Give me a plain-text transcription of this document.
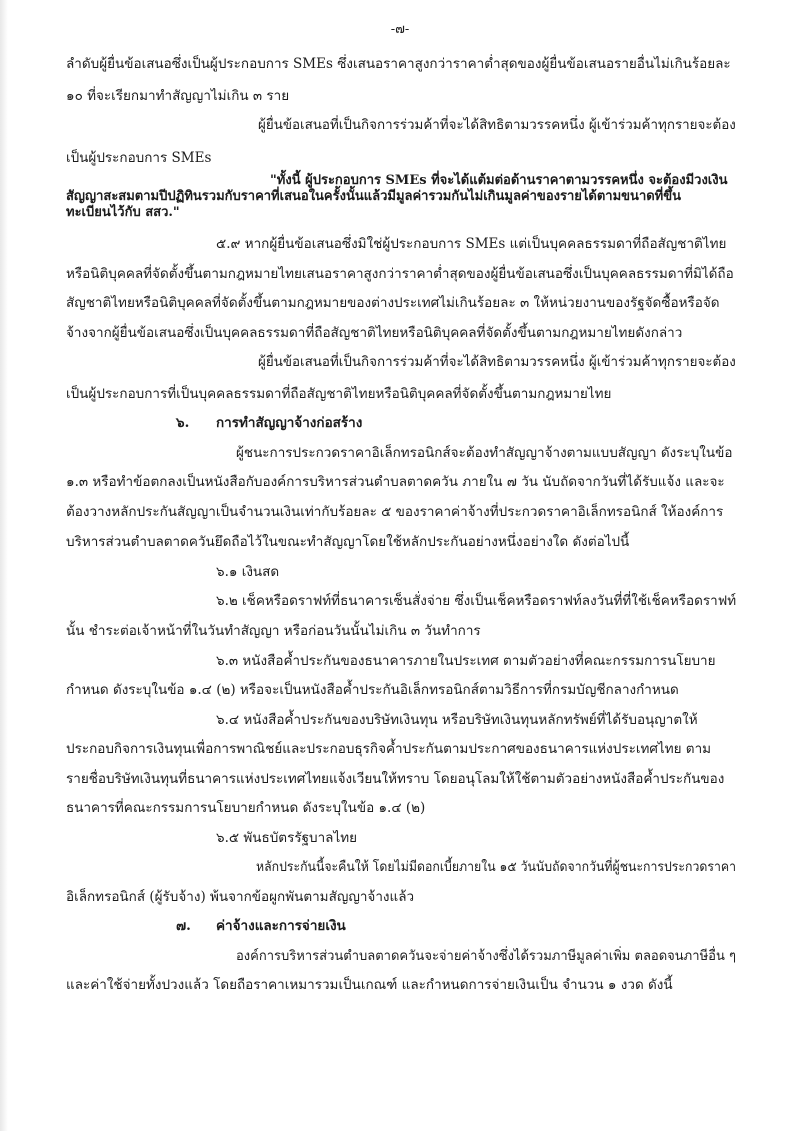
-๗-
ลำดับผู้ยื่นข้อเสนอซึ่งเป็นผู้ประกอบการ SMEs ซึ่งเสนอราคาสูงกว่าราคาต่ำสุดของผู้ยื่นข้อเสนอรายอื่นไม่เกินร้อยละ
๑๐ ที่จะเรียกมาทำสัญญาไม่เกิน ๓ ราย
ผู้ยื่นข้อเสนอที่เป็นกิจการร่วมค้าที่จะได้สิทธิตามวรรคหนึ่ง ผู้เข้าร่วมค้าทุกรายจะต้อง
เป็นผู้ประกอบการ SMEs
"ทั้งนี้ ผู้ประกอบการ SMEs ที่จะได้แต้มต่อด้านราคาตามวรรคหนึ่ง จะต้องมีวงเงิน
สัญญาสะสมตามปีปฏิทินรวมกับราคาที่เสนอในครั้งนั้นแล้วมีมูลค่ารวมกันไม่เกินมูลค่าของรายได้ตามขนาดที่ขึ้น
ทะเบียนไว้กับ สสว."
๕.๙ หากผู้ยื่นข้อเสนอซึ่งมิใช่ผู้ประกอบการ SMEs แต่เป็นบุคคลธรรมดาที่ถือสัญชาติไทย
หรือนิติบุคคลที่จัดตั้งขึ้นตามกฎหมายไทยเสนอราคาสูงกว่าราคาต่ำสุดของผู้ยื่นข้อเสนอซึ่งเป็นบุคคลธรรมดาที่มิได้ถือ
สัญชาติไทยหรือนิติบุคคลที่จัดตั้งขึ้นตามกฎหมายของต่างประเทศไม่เกินร้อยละ ๓ ให้หน่วยงานของรัฐจัดซื้อหรือจัด
จ้างจากผู้ยื่นข้อเสนอซึ่งเป็นบุคคลธรรมดาที่ถือสัญชาติไทยหรือนิติบุคคลที่จัดตั้งขึ้นตามกฎหมายไทยดังกล่าว
ผู้ยื่นข้อเสนอที่เป็นกิจการร่วมค้าที่จะได้สิทธิตามวรรคหนึ่ง ผู้เข้าร่วมค้าทุกรายจะต้อง
เป็นผู้ประกอบการที่เป็นบุคคลธรรมดาที่ถือสัญชาติไทยหรือนิติบุคคลที่จัดตั้งขึ้นตามกฎหมายไทย
๖. การทำสัญญาจ้างก่อสร้าง
ผู้ชนะการประกวดราคาอิเล็กทรอนิกส์จะต้องทำสัญญาจ้างตามแบบสัญญา ดังระบุในข้อ
๑.๓ หรือทำข้อตกลงเป็นหนังสือกับองค์การบริหารส่วนตำบลตาดควัน ภายใน ๗ วัน นับถัดจากวันที่ได้รับแจ้ง และจะ
ต้องวางหลักประกันสัญญาเป็นจำนวนเงินเท่ากับร้อยละ ๕ ของราคาค่าจ้างที่ประกวดราคาอิเล็กทรอนิกส์ ให้องค์การ
บริหารส่วนตำบลตาดควันยึดถือไว้ในขณะทำสัญญาโดยใช้หลักประกันอย่างหนึ่งอย่างใด ดังต่อไปนี้
๖.๑ เงินสด
๖.๒ เช็คหรือดราฟท์ที่ธนาคารเซ็นสั่งจ่าย ซึ่งเป็นเช็คหรือดราฟท์ลงวันที่ที่ใช้เช็คหรือดราฟท์
นั้น ชำระต่อเจ้าหน้าที่ในวันทำสัญญา หรือก่อนวันนั้นไม่เกิน ๓ วันทำการ
๖.๓ หนังสือค้ำประกันของธนาคารภายในประเทศ ตามตัวอย่างที่คณะกรรมการนโยบาย
กำหนด ดังระบุในข้อ ๑.๔ (๒) หรือจะเป็นหนังสือค้ำประกันอิเล็กทรอนิกส์ตามวิธีการที่กรมบัญชีกลางกำหนด
๖.๔ หนังสือค้ำประกันของบริษัทเงินทุน หรือบริษัทเงินทุนหลักทรัพย์ที่ได้รับอนุญาตให้
ประกอบกิจการเงินทุนเพื่อการพาณิชย์และประกอบธุรกิจค้ำประกันตามประกาศของธนาคารแห่งประเทศไทย ตาม
รายชื่อบริษัทเงินทุนที่ธนาคารแห่งประเทศไทยแจ้งเวียนให้ทราบ โดยอนุโลมให้ใช้ตามตัวอย่างหนังสือค้ำประกันของ
ธนาคารที่คณะกรรมการนโยบายกำหนด ดังระบุในข้อ ๑.๔ (๒)
๖.๕ พันธบัตรรัฐบาลไทย
หลักประกันนี้จะคืนให้ โดยไม่มีดอกเบี้ยภายใน ๑๕ วันนับถัดจากวันที่ผู้ชนะการประกวดราคา
อิเล็กทรอนิกส์ (ผู้รับจ้าง) พ้นจากข้อผูกพันตามสัญญาจ้างแล้ว
๗. ค่าจ้างและการจ่ายเงิน
องค์การบริหารส่วนตำบลตาดควันจะจ่ายค่าจ้างซึ่งได้รวมภาษีมูลค่าเพิ่ม ตลอดจนภาษีอื่น ๆ
และค่าใช้จ่ายทั้งปวงแล้ว โดยถือราคาเหมารวมเป็นเกณฑ์ และกำหนดการจ่ายเงินเป็น จำนวน ๑ งวด ดังนี้
